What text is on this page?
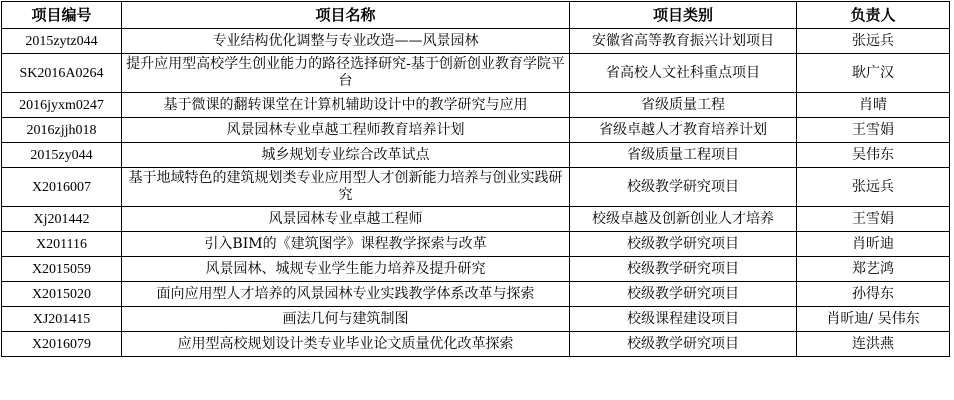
项目编号	项目名称	项目类别	负责人
2015zytz044	专业结构优化调整与专业改造——风景园林	安徽省高等教育振兴计划项目	张远兵
SK2016A0264	提升应用型高校学生创业能力的路径选择研究-基于创新创业教育学院平台	省高校人文社科重点项目	耿广汉
2016jyxm0247	基于微课的翻转课堂在计算机辅助设计中的教学研究与应用	省级质量工程	肖晴
2016zjjh018	风景园林专业卓越工程师教育培养计划	省级卓越人才教育培养计划	王雪娟
2015zy044	城乡规划专业综合改革试点	省级质量工程项目	吴伟东
X2016007	基于地域特色的建筑规划类专业应用型人才创新能力培养与创业实践研究	校级教学研究项目	张远兵
Xj201442	风景园林专业卓越工程师	校级卓越及创新创业人才培养	王雪娟
X201116	引入BIM的《建筑图学》课程教学探索与改革	校级教学研究项目	肖昕迪
X2015059	风景园林、城规专业学生能力培养及提升研究	校级教学研究项目	郑艺鸿
X2015020	面向应用型人才培养的风景园林专业实践教学体系改革与探索	校级教学研究项目	孙得东
XJ201415	画法几何与建筑制图	校级课程建设项目	肖昕迪/ 吴伟东
X2016079	应用型高校规划设计类专业毕业论文质量优化改革探索	校级教学研究项目	连洪燕
